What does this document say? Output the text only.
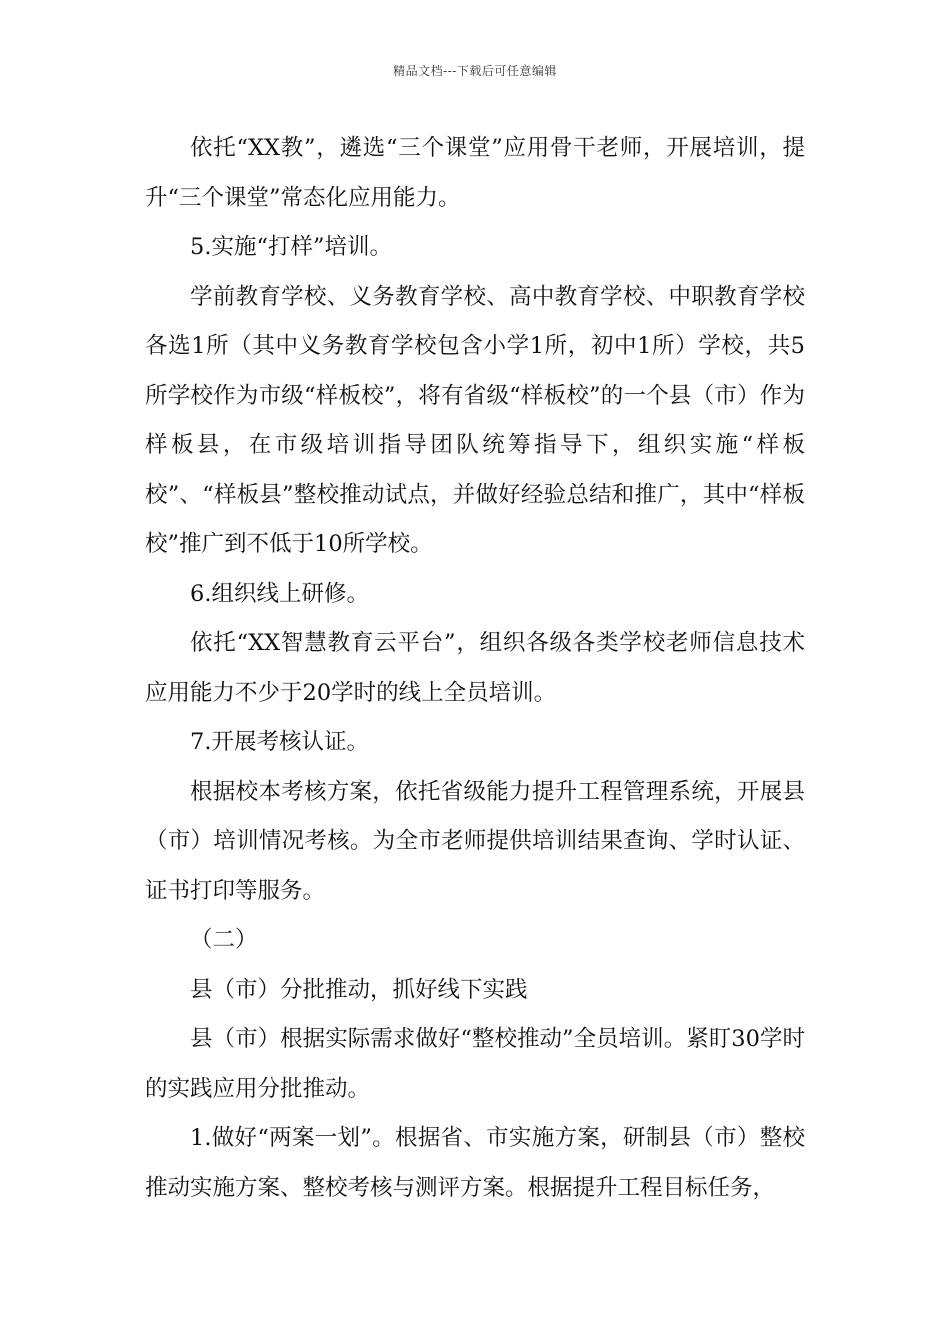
精品文档---下载后可任意编辑

依托“XX教”，遴选“三个课堂”应用骨干老师，开展培训，提升“三个课堂”常态化应用能力。

5.实施“打样”培训。

学前教育学校、义务教育学校、高中教育学校、中职教育学校各选1所（其中义务教育学校包含小学1所，初中1所）学校，共5所学校作为市级“样板校”，将有省级“样板校”的一个县（市）作为样板县，在市级培训指导团队统筹指导下，组织实施“样板校”、“样板县”整校推动试点，并做好经验总结和推广，其中“样板校”推广到不低于10所学校。

6.组织线上研修。

依托“XX智慧教育云平台”，组织各级各类学校老师信息技术应用能力不少于20学时的线上全员培训。

7.开展考核认证。

根据校本考核方案，依托省级能力提升工程管理系统，开展县（市）培训情况考核。为全市老师提供培训结果查询、学时认证、证书打印等服务。

（二）

县（市）分批推动，抓好线下实践

县（市）根据实际需求做好“整校推动”全员培训。紧盯30学时的实践应用分批推动。

1.做好“两案一划”。根据省、市实施方案，研制县（市）整校推动实施方案、整校考核与测评方案。根据提升工程目标任务，
